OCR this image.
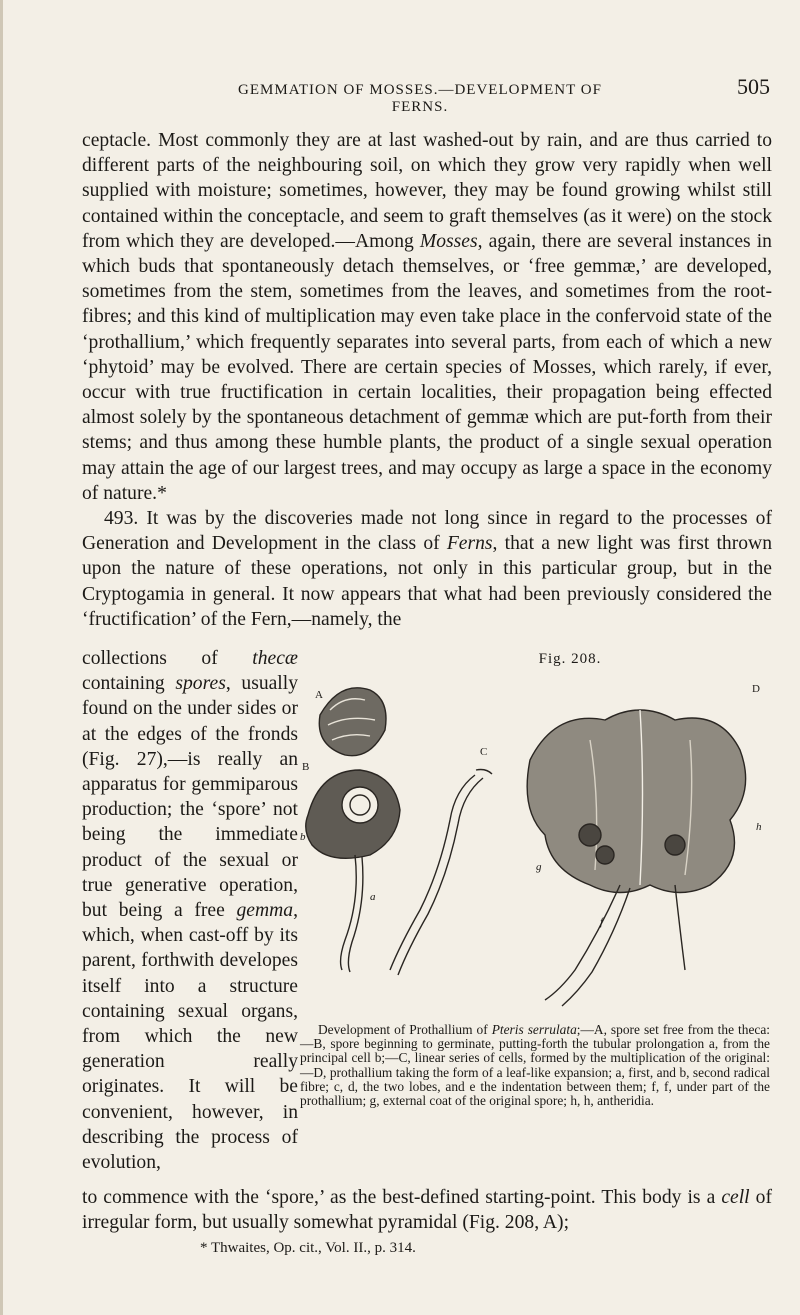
GEMMATION OF MOSSES.—DEVELOPMENT OF FERNS.
505

ceptacle. Most commonly they are at last washed-out by rain, and are thus carried to different parts of the neighbouring soil, on which they grow very rapidly when well supplied with moisture; sometimes, however, they may be found growing whilst still contained within the conceptacle, and seem to graft themselves (as it were) on the stock from which they are developed.—Among Mosses, again, there are several instances in which buds that spontaneously detach themselves, or ‘free gemmæ,’ are developed, sometimes from the stem, sometimes from the leaves, and sometimes from the root-fibres; and this kind of multiplication may even take place in the confervoid state of the ‘prothallium,’ which frequently separates into several parts, from each of which a new ‘phytoid’ may be evolved. There are certain species of Mosses, which rarely, if ever, occur with true fructification in certain localities, their propagation being effected almost solely by the spontaneous detachment of gemmæ which are put-forth from their stems; and thus among these humble plants, the product of a single sexual operation may attain the age of our largest trees, and may occupy as large a space in the economy of nature.*

493. It was by the discoveries made not long since in regard to the processes of Generation and Development in the class of Ferns, that a new light was first thrown upon the nature of these operations, not only in this particular group, but in the Cryptogamia in general. It now appears that what had been previously considered the ‘fructification’ of the Fern,—namely, the

collections of thecæ containing spores, usually found on the under sides or at the edges of the fronds (Fig. 27),—is really an apparatus for gemmiparous production; the ‘spore’ not being the immediate product of the sexual or true generative operation, but being a free gemma, which, when cast-off by its parent, forthwith developes itself into a structure containing sexual organs, from which the new generation really originates. It will be convenient, however, in describing the process of evolution,
Fig. 208.
A
B
C
D
a
b
h
g
f
Development of Prothallium of Pteris serrulata;—A, spore set free from the theca:—B, spore beginning to germinate, putting-forth the tubular prolongation a, from the principal cell b;—C, linear series of cells, formed by the multiplication of the original:—D, prothallium taking the form of a leaf-like expansion; a, first, and b, second radical fibre; c, d, the two lobes, and e the indentation between them; f, f, under part of the prothallium; g, external coat of the original spore; h, h, antheridia.
to commence with the ‘spore,’ as the best-defined starting-point. This body is a cell of irregular form, but usually somewhat pyramidal (Fig. 208, A);
* Thwaites, Op. cit., Vol. II., p. 314.
